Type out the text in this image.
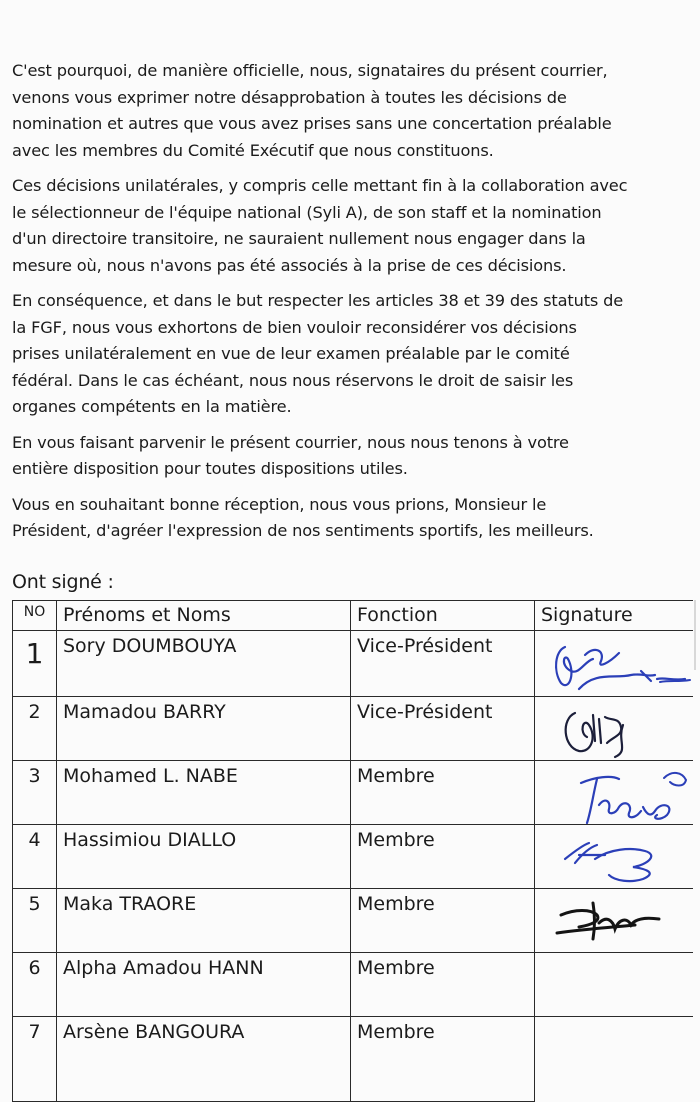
C'est pourquoi, de manière officielle, nous, signataires du présent courrier,
venons vous exprimer notre désapprobation à toutes les décisions de
nomination et autres que vous avez prises sans une concertation préalable
avec les membres du Comité Exécutif que nous constituons.

Ces décisions unilatérales, y compris celle mettant fin à la collaboration avec
le sélectionneur de l'équipe national (Syli A), de son staff et la nomination
d'un directoire transitoire, ne sauraient nullement nous engager dans la
mesure où, nous n'avons pas été associés à la prise de ces décisions.

En conséquence, et dans le but respecter les articles 38 et 39 des statuts de
la FGF, nous vous exhortons de bien vouloir reconsidérer vos décisions
prises unilatéralement en vue de leur examen préalable par le comité
fédéral. Dans le cas échéant, nous nous réservons le droit de saisir les
organes compétents en la matière.

En vous faisant parvenir le présent courrier, nous nous tenons à votre
entière disposition pour toutes dispositions utiles.

Vous en souhaitant bonne réception, nous vous prions, Monsieur le
Président, d'agréer l'expression de nos sentiments sportifs, les meilleurs.

Ont signé :
NO	Prénoms et Noms	Fonction	Signature
1	Sory DOUMBOUYA	Vice-Président	

2	Mamadou BARRY	Vice-Président	

3	Mohamed L. NABE	Membre	

4	Hassimiou DIALLO	Membre	

5	Maka TRAORE	Membre	

6	Alpha Amadou HANN	Membre	
7	Arsène BANGOURA	Membre	
